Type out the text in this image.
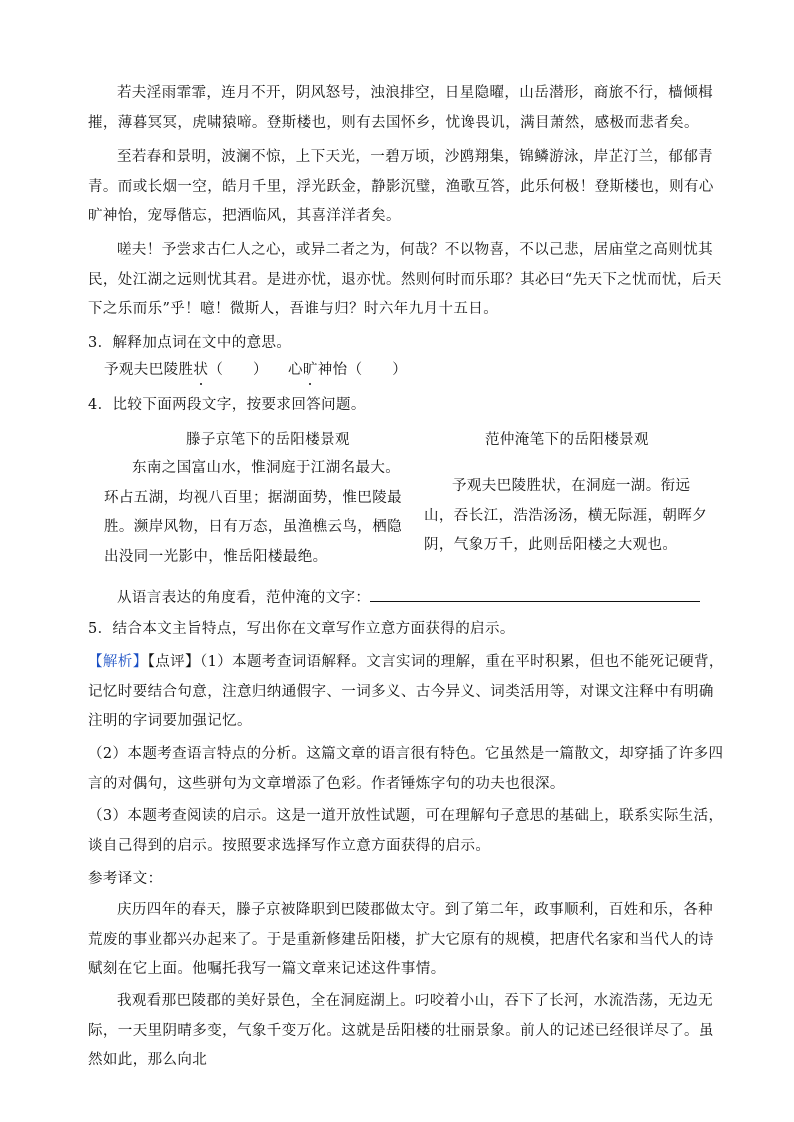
若夫淫雨霏霏，连月不开，阴风怒号，浊浪排空，日星隐曜，山岳潜形，商旅不行，樯倾楫摧，薄暮冥冥，虎啸猿啼。登斯楼也，则有去国怀乡，忧谗畏讥，满目萧然，感极而悲者矣。

至若春和景明，波澜不惊，上下天光，一碧万顷，沙鸥翔集，锦鳞游泳，岸芷汀兰，郁郁青青。而或长烟一空，皓月千里，浮光跃金，静影沉璧，渔歌互答，此乐何极！登斯楼也，则有心旷神怡，宠辱偕忘，把酒临风，其喜洋洋者矣。

嗟夫！予尝求古仁人之心，或异二者之为，何哉？不以物喜，不以己悲，居庙堂之高则忧其民，处江湖之远则忧其君。是进亦忧，退亦忧。然则何时而乐耶？其必曰“先天下之忧而忧，后天下之乐而乐”乎！噫！微斯人，吾谁与归？时六年九月十五日。

3．解释加点词在文中的意思。
予观夫巴陵胜状（　　） 心旷神怡（　　）
4．比较下面两段文字，按要求回答问题。
滕子京笔下的岳阳楼景观	范仲淹笔下的岳阳楼景观

东南之国富山水，惟洞庭于江湖名最大。环占五湖，均视八百里；据湖面势，惟巴陵最胜。濒岸风物，日有万态，虽渔樵云鸟，栖隐出没同一光影中，惟岳阳楼最绝。

予观夫巴陵胜状，在洞庭一湖。衔远山，吞长江，浩浩汤汤，横无际涯，朝晖夕阴，气象万千，此则岳阳楼之大观也。

从语言表达的角度看，范仲淹的文字：
5．结合本文主旨特点，写出你在文章写作立意方面获得的启示。

【解析】【点评】（1）本题考查词语解释。文言实词的理解，重在平时积累，但也不能死记硬背，记忆时要结合句意，注意归纳通假字、一词多义、古今异义、词类活用等，对课文注释中有明确注明的字词要加强记忆。

（2）本题考查语言特点的分析。这篇文章的语言很有特色。它虽然是一篇散文，却穿插了许多四言的对偶句，这些骈句为文章增添了色彩。作者锤炼字句的功夫也很深。

（3）本题考查阅读的启示。这是一道开放性试题，可在理解句子意思的基础上，联系实际生活，谈自己得到的启示。按照要求选择写作立意方面获得的启示。

参考译文：

庆历四年的春天，滕子京被降职到巴陵郡做太守。到了第二年，政事顺利，百姓和乐，各种荒废的事业都兴办起来了。于是重新修建岳阳楼，扩大它原有的规模，把唐代名家和当代人的诗赋刻在它上面。他嘱托我写一篇文章来记述这件事情。

我观看那巴陵郡的美好景色，全在洞庭湖上。叼咬着小山，吞下了长河，水流浩荡，无边无际，一天里阴晴多变，气象千变万化。这就是岳阳楼的壮丽景象。前人的记述已经很详尽了。虽然如此，那么向北
